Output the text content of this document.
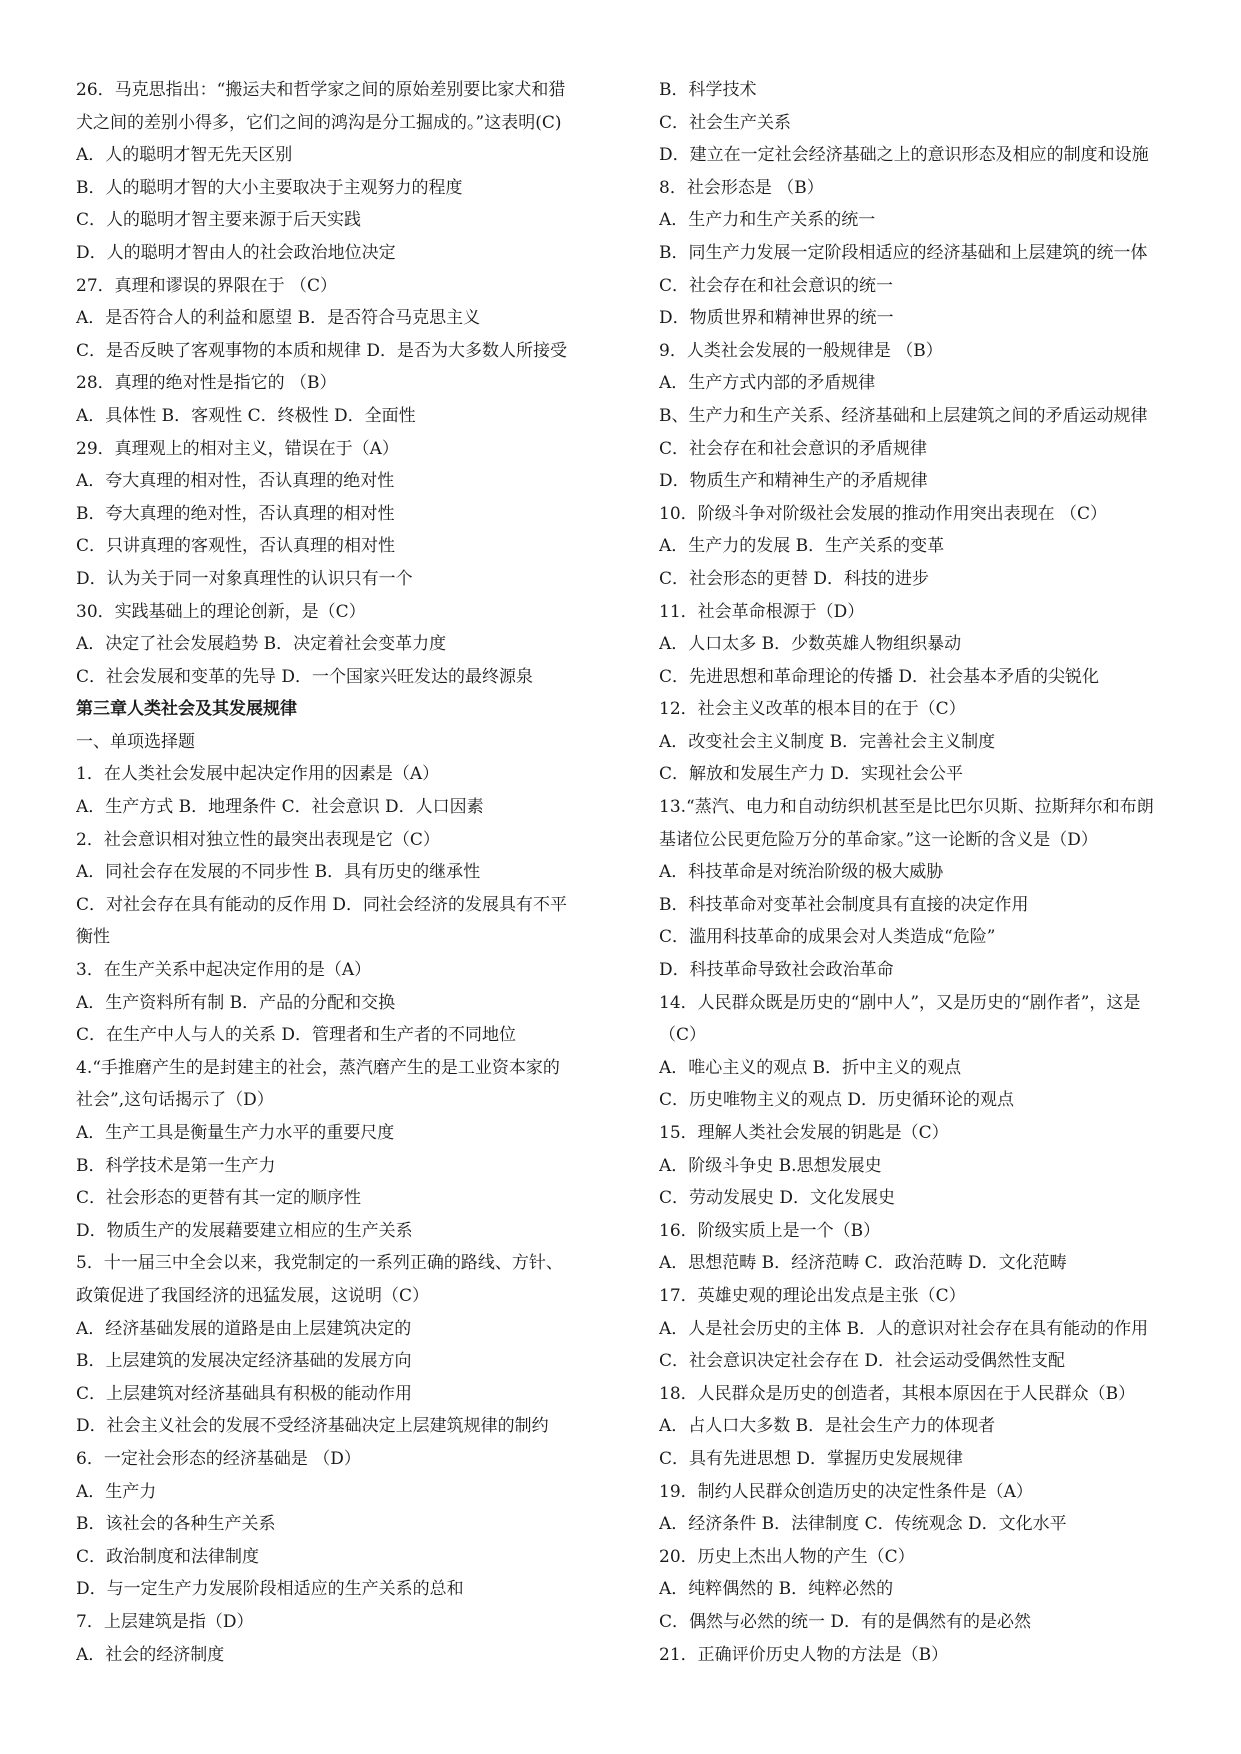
26．马克思指出：“搬运夫和哲学家之间的原始差别要比家犬和猎
犬之间的差别小得多，它们之间的鸿沟是分工掘成的。”这表明(C)
A．人的聪明才智无先天区别
B．人的聪明才智的大小主要取决于主观努力的程度
C．人的聪明才智主要来源于后天实践
D．人的聪明才智由人的社会政治地位决定
27．真理和谬误的界限在于 （C）
A．是否符合人的利益和愿望 B．是否符合马克思主义
C．是否反映了客观事物的本质和规律 D．是否为大多数人所接受
28．真理的绝对性是指它的 （B）
A．具体性 B．客观性 C．终极性 D．全面性
29．真理观上的相对主义，错误在于（A）
A．夸大真理的相对性，否认真理的绝对性
B．夸大真理的绝对性，否认真理的相对性
C．只讲真理的客观性，否认真理的相对性
D．认为关于同一对象真理性的认识只有一个
30．实践基础上的理论创新，是（C）
A．决定了社会发展趋势 B．决定着社会变革力度
C．社会发展和变革的先导 D．一个国家兴旺发达的最终源泉
第三章人类社会及其发展规律
一、单项选择题
1．在人类社会发展中起决定作用的因素是（A）
A．生产方式 B．地理条件 C．社会意识 D．人口因素
2．社会意识相对独立性的最突出表现是它（C）
A．同社会存在发展的不同步性 B．具有历史的继承性
C．对社会存在具有能动的反作用 D．同社会经济的发展具有不平
衡性
3．在生产关系中起决定作用的是（A）
A．生产资料所有制 B．产品的分配和交换
C．在生产中人与人的关系 D．管理者和生产者的不同地位
4.“手推磨产生的是封建主的社会，蒸汽磨产生的是工业资本家的
社会”,这句话揭示了（D）
A．生产工具是衡量生产力水平的重要尺度
B．科学技术是第一生产力
C．社会形态的更替有其一定的顺序性
D．物质生产的发展藉要建立相应的生产关系
5．十一届三中全会以来，我党制定的一系列正确的路线、方针、
政策促进了我国经济的迅猛发展，这说明（C）
A．经济基础发展的道路是由上层建筑决定的
B．上层建筑的发展决定经济基础的发展方向
C．上层建筑对经济基础具有积极的能动作用
D．社会主义社会的发展不受经济基础决定上层建筑规律的制约
6．一定社会形态的经济基础是 （D）
A．生产力
B．该社会的各种生产关系
C．政治制度和法律制度
D．与一定生产力发展阶段相适应的生产关系的总和
7．上层建筑是指（D）
A．社会的经济制度
B．科学技术
C．社会生产关系
D．建立在一定社会经济基础之上的意识形态及相应的制度和设施
8．社会形态是 （B）
A．生产力和生产关系的统一
B．同生产力发展一定阶段相适应的经济基础和上层建筑的统一体
C．社会存在和社会意识的统一
D．物质世界和精神世界的统一
9．人类社会发展的一般规律是 （B）
A．生产方式内部的矛盾规律
B、生产力和生产关系、经济基础和上层建筑之间的矛盾运动规律
C．社会存在和社会意识的矛盾规律
D．物质生产和精神生产的矛盾规律
10．阶级斗争对阶级社会发展的推动作用突出表现在 （C）
A．生产力的发展 B．生产关系的变革
C．社会形态的更替 D．科技的进步
11．社会革命根源于（D）
A．人口太多 B．少数英雄人物组织暴动
C．先进思想和革命理论的传播 D．社会基本矛盾的尖锐化
12．社会主义改革的根本目的在于（C）
A．改变社会主义制度 B．完善社会主义制度
C．解放和发展生产力 D．实现社会公平
13.“蒸汽、电力和自动纺织机甚至是比巴尔贝斯、拉斯拜尔和布朗
基诸位公民更危险万分的革命家。”这一论断的含义是（D）
A．科技革命是对统治阶级的极大威胁
B．科技革命对变革社会制度具有直接的决定作用
C．滥用科技革命的成果会对人类造成“危险”
D．科技革命导致社会政治革命
14．人民群众既是历史的“剧中人”，又是历史的“剧作者”，这是
（C）
A．唯心主义的观点 B．折中主义的观点
C．历史唯物主义的观点 D．历史循环论的观点
15．理解人类社会发展的钥匙是（C）
A．阶级斗争史 B.思想发展史
C．劳动发展史 D．文化发展史
16．阶级实质上是一个（B）
A．思想范畴 B．经济范畴 C．政治范畴 D．文化范畴
17．英雄史观的理论出发点是主张（C）
A．人是社会历史的主体 B．人的意识对社会存在具有能动的作用
C．社会意识决定社会存在 D．社会运动受偶然性支配
18．人民群众是历史的创造者，其根本原因在于人民群众（B）
A．占人口大多数 B．是社会生产力的体现者
C．具有先进思想 D．掌握历史发展规律
19．制约人民群众创造历史的决定性条件是（A）
A．经济条件 B．法律制度 C．传统观念 D．文化水平
20．历史上杰出人物的产生（C）
A．纯粹偶然的 B．纯粹必然的
C．偶然与必然的统一 D．有的是偶然有的是必然
21．正确评价历史人物的方法是（B）
